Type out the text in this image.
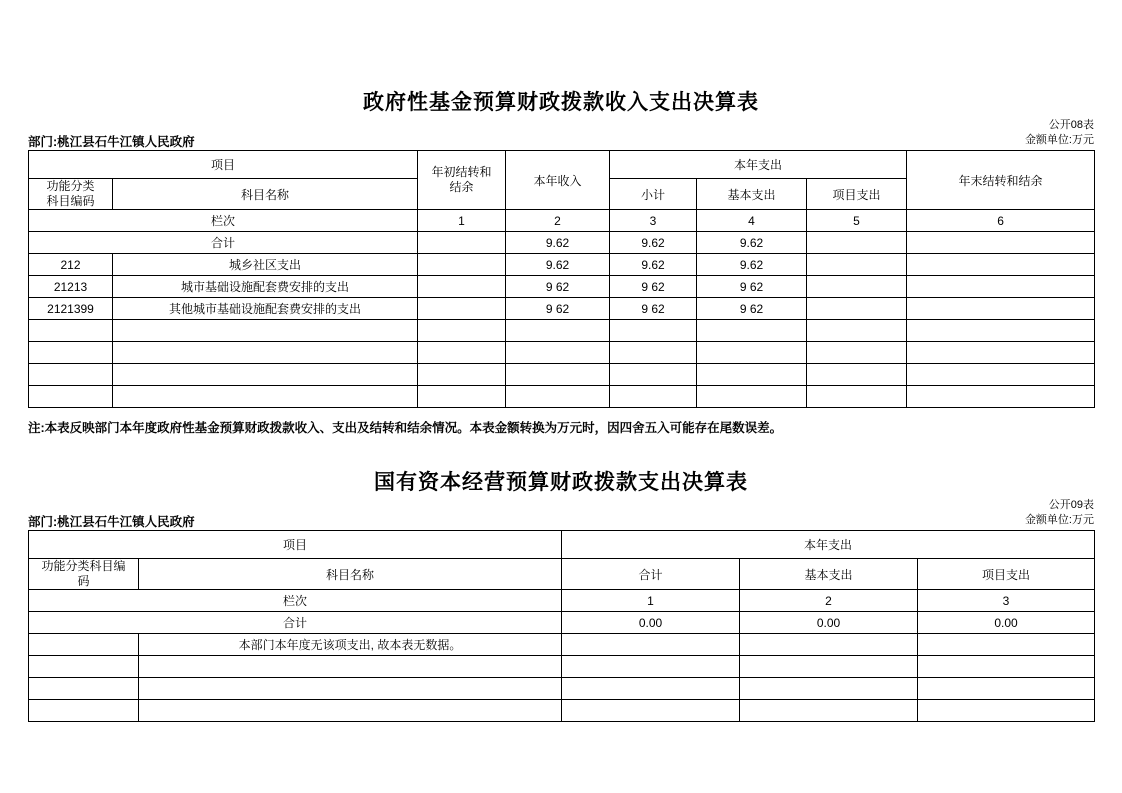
政府性基金预算财政拨款收入支出决算表
部门:桃江县石牛江镇人民政府
公开08表
金额单位:万元
项目		年初结转和
结余	本年收入	本年支出			年末结转和结余
功能分类
科目编码	科目名称			小计	基本支出	项目支出	
栏次		1	2	3	4	5	6
合计			9.62	9.62	9.62		
212	城乡社区支出		9.62	9.62	9.62		
21213	城市基础设施配套费安排的支出		9 62	9 62	9 62		
2121399	其他城市基础设施配套费安排的支出		9 62	9 62	9 62		

注:本表反映部门本年度政府性基金预算财政拨款收入、支出及结转和结余情况。本表金额转换为万元时，因四舍五入可能存在尾数误差。
国有资本经营预算财政拨款支出决算表
部门:桃江县石牛江镇人民政府
公开09表
金额单位:万元
项目		本年支出		
功能分类科目编
码	科目名称	合计	基本支出	项目支出
栏次		1	2	3
合计		0.00	0.00	0.00
	本部门本年度无该项支出, 故本表无数据。			
